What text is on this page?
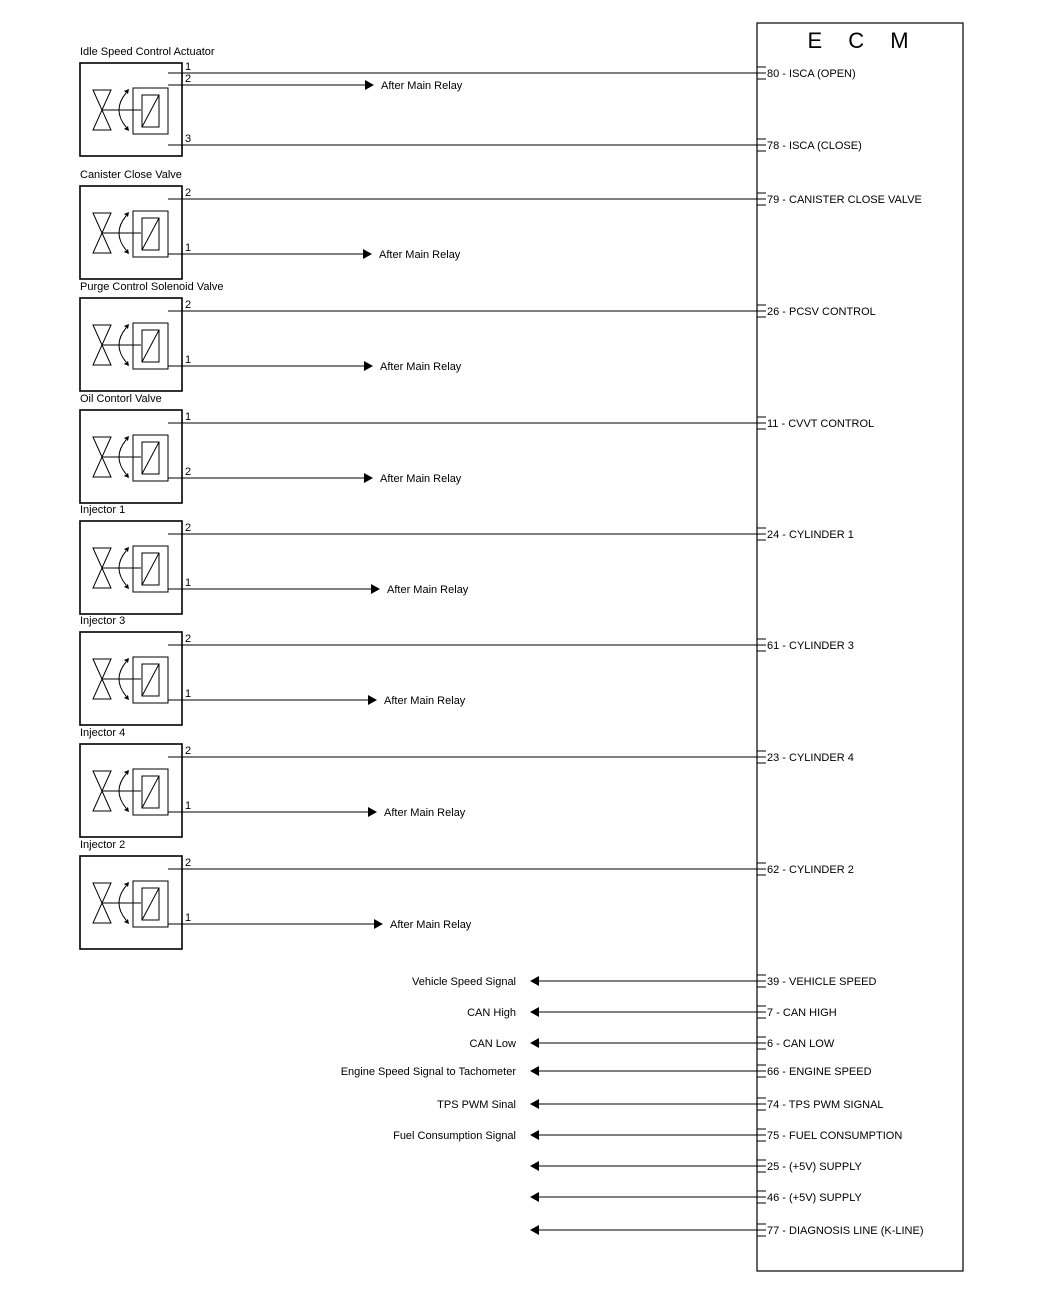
E C M
Idle Speed Control Actuator
1
80 - ISCA (OPEN)
2
After Main Relay
3
78 - ISCA (CLOSE)
Canister Close Valve
2
79 - CANISTER CLOSE VALVE
1
After Main Relay
Purge Control Solenoid Valve
2
26 - PCSV CONTROL
1
After Main Relay
Oil Contorl Valve
1
11 - CVVT CONTROL
2
After Main Relay
Injector 1
2
24 - CYLINDER 1
1
After Main Relay
Injector 3
2
61 - CYLINDER 3
1
After Main Relay
Injector 4
2
23 - CYLINDER 4
1
After Main Relay
Injector 2
2
62 - CYLINDER 2
1
After Main Relay
39 - VEHICLE SPEED
Vehicle Speed Signal
7 - CAN HIGH
CAN High
6 - CAN LOW
CAN Low
66 - ENGINE SPEED
Engine Speed Signal to Tachometer
74 - TPS PWM SIGNAL
TPS PWM Sinal
75 - FUEL CONSUMPTION
Fuel Consumption Signal
25 - (+5V) SUPPLY
46 - (+5V) SUPPLY
77 - DIAGNOSIS LINE (K-LINE)
